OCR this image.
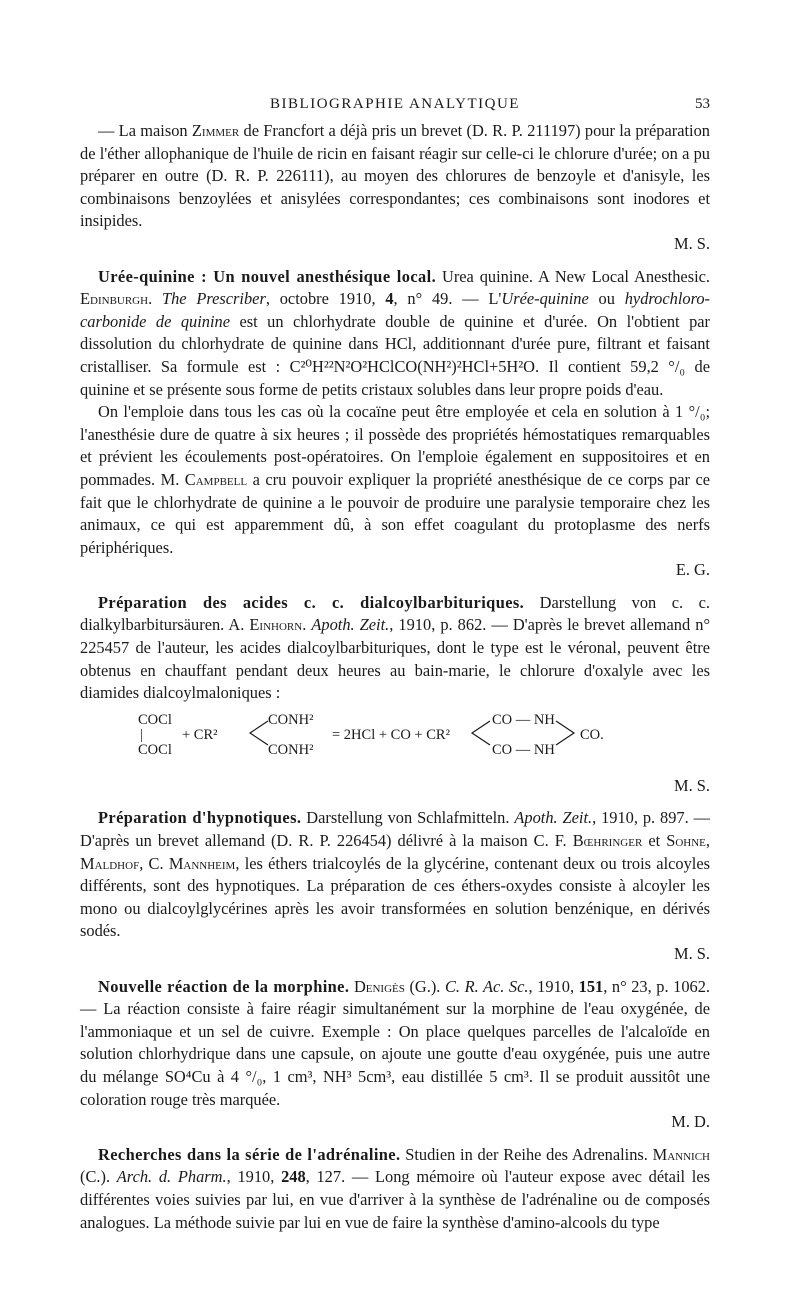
BIBLIOGRAPHIE ANALYTIQUE	53

— La maison Zimmer de Francfort a déjà pris un brevet (D. R. P. 211197) pour la préparation de l'éther allophanique de l'huile de ricin en faisant réagir sur celle-ci le chlorure d'urée; on a pu préparer en outre (D. R. P. 226111), au moyen des chlorures de benzoyle et d'anisyle, les combinaisons benzoylées et anisylées correspondantes; ces combinaisons sont inodores et insipides.

M. S.

Urée-quinine : Un nouvel anesthésique local. Urea quinine. A New Local Anesthesic. Edinburgh. The Prescriber, octobre 1910, 4, n° 49. — L'Urée-quinine ou hydrochloro-carbonide de quinine est un chlorhydrate double de quinine et d'urée. On l'obtient par dissolution du chlorhydrate de quinine dans HCl, additionnant d'urée pure, filtrant et faisant cristalliser. Sa formule est : C²⁰H²²N²O²HClCO(NH²)²HCl+5H²O. Il contient 59,2 °/₀ de quinine et se présente sous forme de petits cristaux solubles dans leur propre poids d'eau.

On l'emploie dans tous les cas où la cocaïne peut être employée et cela en solution à 1 °/₀; l'anesthésie dure de quatre à six heures ; il possède des propriétés hémostatiques remarquables et prévient les écoulements post-opératoires. On l'emploie également en suppositoires et en pommades. M. Campbell a cru pouvoir expliquer la propriété anesthésique de ce corps par ce fait que le chlorhydrate de quinine a le pouvoir de produire une paralysie temporaire chez les animaux, ce qui est apparemment dû, à son effet coagulant du protoplasme des nerfs périphériques.

E. G.

Préparation des acides c. c. dialcoylbarbituriques. Darstellung von c. c. dialkylbarbitursäuren. A. Einhorn. Apoth. Zeit., 1910, p. 862. — D'après le brevet allemand n° 225457 de l'auteur, les acides dialcoylbarbituriques, dont le type est le véronal, peuvent être obtenus en chauffant pendant deux heures au bain-marie, le chlorure d'oxalyle avec les diamides dialcoylmaloniques :

COCl
|
COCl
+ CR²
CONH²
CONH²
= 2HCl + CO + CR²
CO — NH
CO — NH
CO.

M. S.

Préparation d'hypnotiques. Darstellung von Schlafmitteln. Apoth. Zeit., 1910, p. 897. — D'après un brevet allemand (D. R. P. 226454) délivré à la maison C. F. Bœhringer et Sohne, Maldhof, C. Mannheim, les éthers trialcoylés de la glycérine, contenant deux ou trois alcoyles différents, sont des hypnotiques. La préparation de ces éthers-oxydes consiste à alcoyler les mono ou dialcoylglycérines après les avoir transformées en solution benzénique, en dérivés sodés.

M. S.

Nouvelle réaction de la morphine. Denigès (G.). C. R. Ac. Sc., 1910, 151, n° 23, p. 1062. — La réaction consiste à faire réagir simultanément sur la morphine de l'eau oxygénée, de l'ammoniaque et un sel de cuivre. Exemple : On place quelques parcelles de l'alcaloïde en solution chlorhydrique dans une capsule, on ajoute une goutte d'eau oxygénée, puis une autre du mélange SO⁴Cu à 4 °/₀, 1 cm³, NH³ 5cm³, eau distillée 5 cm³. Il se produit aussitôt une coloration rouge très marquée.

M. D.

Recherches dans la série de l'adrénaline. Studien in der Reihe des Adrenalins. Mannich (C.). Arch. d. Pharm., 1910, 248, 127. — Long mémoire où l'auteur expose avec détail les différentes voies suivies par lui, en vue d'arriver à la synthèse de l'adrénaline ou de composés analogues. La méthode suivie par lui en vue de faire la synthèse d'amino-alcools du type
